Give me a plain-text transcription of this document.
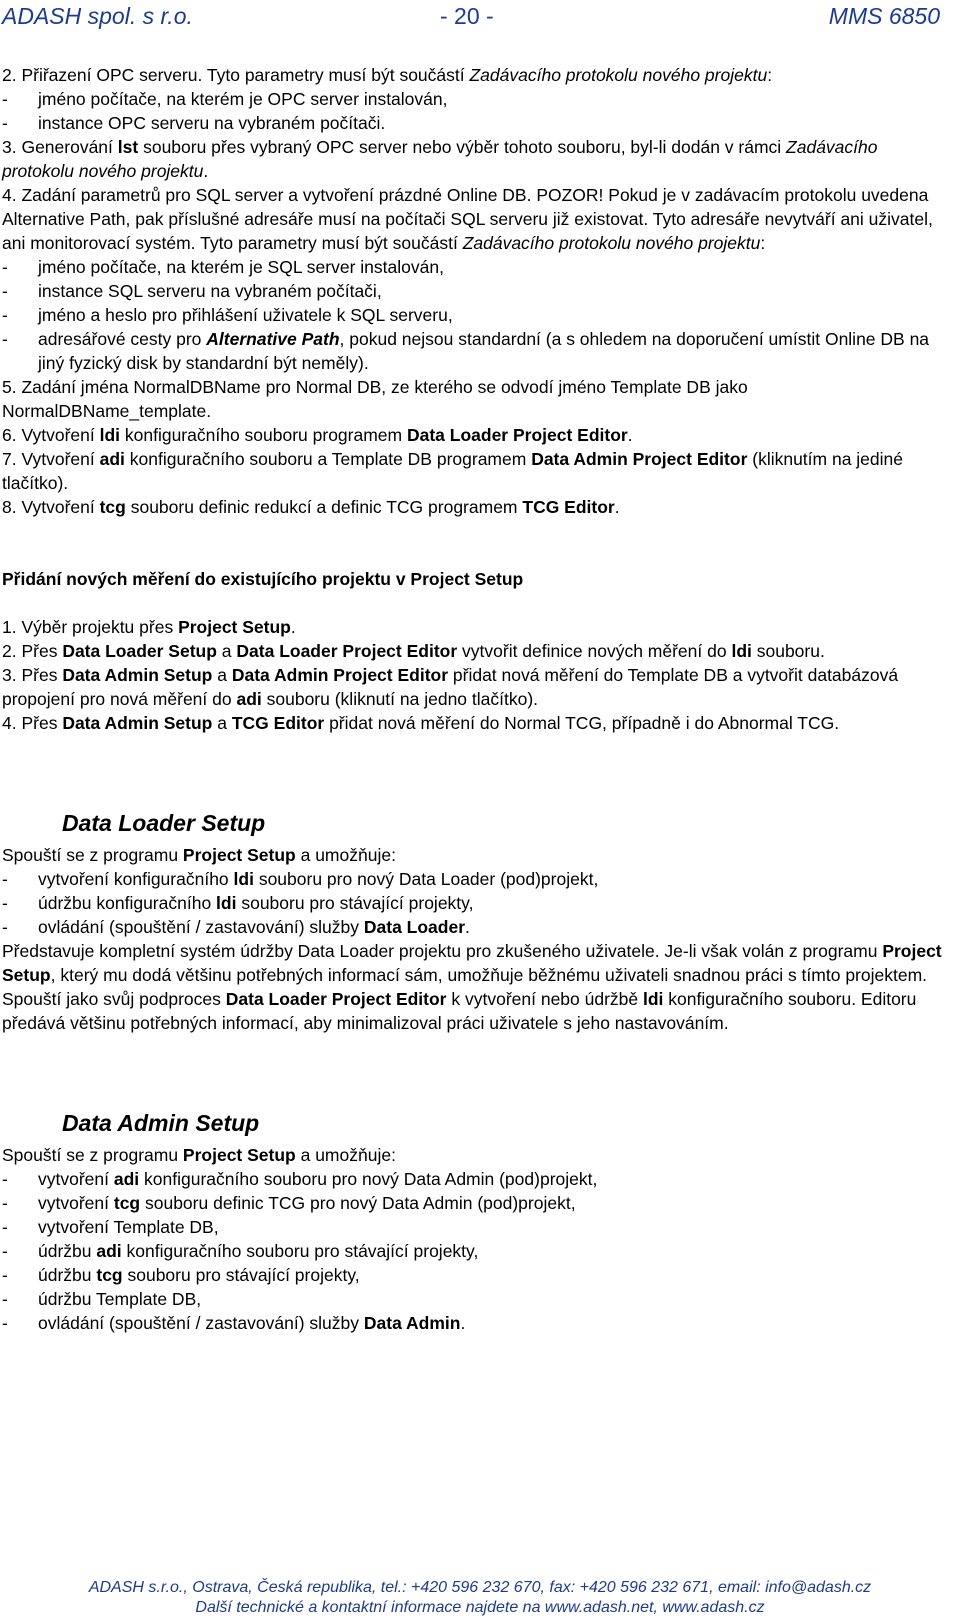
ADASH spol. s r.o.	- 20 -	MMS 6850

2. Přiřazení OPC serveru. Tyto parametry musí být součástí Zadávacího protokolu nového projektu:

-	jméno počítače, na kterém je OPC server instalován,
-	instance OPC serveru na vybraném počítači.

3. Generování lst souboru přes vybraný OPC server nebo výběr tohoto souboru, byl-li dodán v rámci Zadávacího protokolu nového projektu.

4. Zadání parametrů pro SQL server a vytvoření prázdné Online DB. POZOR! Pokud je v zadávacím protokolu uvedena Alternative Path, pak příslušné adresáře musí na počítači SQL serveru již existovat. Tyto adresáře nevytváří ani uživatel, ani monitorovací systém. Tyto parametry musí být součástí Zadávacího protokolu nového projektu:

-	jméno počítače, na kterém je SQL server instalován,
-	instance SQL serveru na vybraném počítači,
-	jméno a heslo pro přihlášení uživatele k SQL serveru,
-	adresářové cesty pro Alternative Path, pokud nejsou standardní (a s ohledem na doporučení umístit Online DB na jiný fyzický disk by standardní být neměly).

5. Zadání jména NormalDBName pro Normal DB, ze kterého se odvodí jméno Template DB jako NormalDBName_template.

6. Vytvoření ldi konfiguračního souboru programem Data Loader Project Editor.

7. Vytvoření adi konfiguračního souboru a Template DB programem Data Admin Project Editor (kliknutím na jediné tlačítko).

8. Vytvoření tcg souboru definic redukcí a definic TCG programem TCG Editor.

Přidání nových měření do existujícího projektu v Project Setup

1. Výběr projektu přes Project Setup.

2. Přes Data Loader Setup a Data Loader Project Editor vytvořit definice nových měření do ldi souboru.

3. Přes Data Admin Setup a Data Admin Project Editor přidat nová měření do Template DB a vytvořit databázová propojení pro nová měření do adi souboru (kliknutí na jedno tlačítko).

4. Přes Data Admin Setup a TCG Editor přidat nová měření do Normal TCG, případně i do Abnormal TCG.

Data Loader Setup

Spouští se z programu Project Setup a umožňuje:

-	vytvoření konfiguračního ldi souboru pro nový Data Loader (pod)projekt,
-	údržbu konfiguračního ldi souboru pro stávající projekty,
-	ovládání (spouštění / zastavování) služby Data Loader.

Představuje kompletní systém údržby Data Loader projektu pro zkušeného uživatele. Je-li však volán z programu Project Setup, který mu dodá většinu potřebných informací sám, umožňuje běžnému uživateli snadnou práci s tímto projektem.

Spouští jako svůj podproces Data Loader Project Editor k vytvoření nebo údržbě ldi konfiguračního souboru. Editoru předává většinu potřebných informací, aby minimalizoval práci uživatele s jeho nastavováním.

Data Admin Setup

Spouští se z programu Project Setup a umožňuje:

-	vytvoření adi konfiguračního souboru pro nový Data Admin (pod)projekt,
-	vytvoření tcg souboru definic TCG pro nový Data Admin (pod)projekt,
-	vytvoření Template DB,
-	údržbu adi konfiguračního souboru pro stávající projekty,
-	údržbu tcg souboru pro stávající projekty,
-	údržbu Template DB,
-	ovládání (spouštění / zastavování) služby Data Admin.
ADASH s.r.o., Ostrava, Česká republika, tel.: +420 596 232 670, fax: +420 596 232 671, email: info@adash.cz
Další technické a kontaktní informace najdete na www.adash.net, www.adash.cz
